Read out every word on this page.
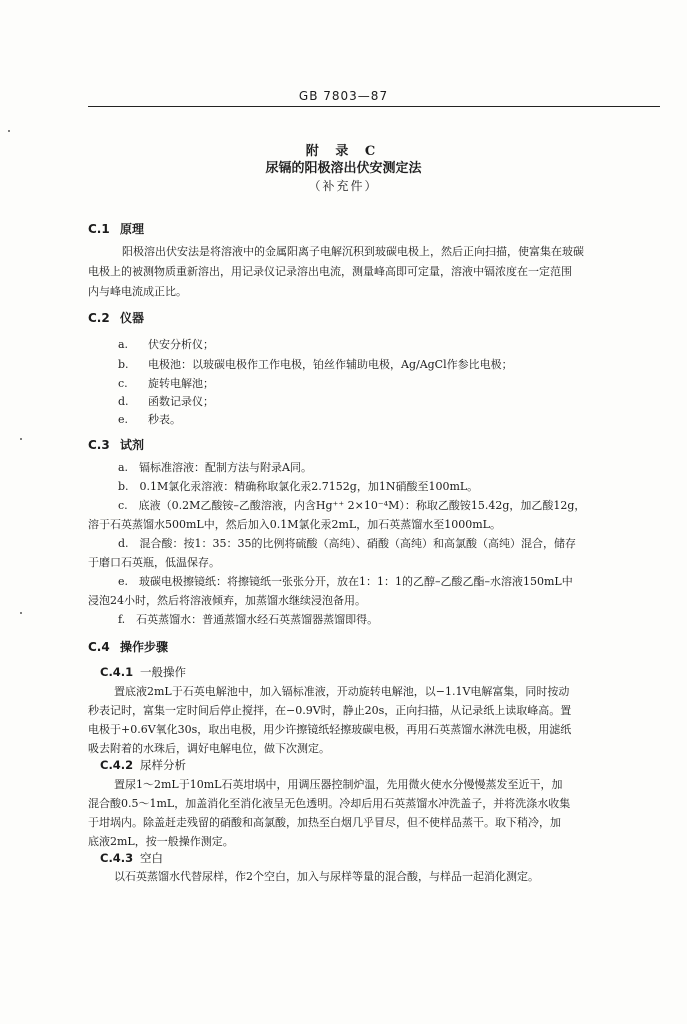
GB 7803—87
附 录 C
尿镉的阳极溶出伏安测定法
（补充件）
C.1 原理
阳极溶出伏安法是将溶液中的金属阳离子电解沉积到玻碳电极上，然后正向扫描，使富集在玻碳
电极上的被测物质重新溶出，用记录仪记录溶出电流，测量峰高即可定量，溶液中镉浓度在一定范围
内与峰电流成正比。
C.2 仪器
a. 伏安分析仪；
b. 电极池：以玻碳电极作工作电极，铂丝作辅助电极，Ag/AgCl作参比电极；
c. 旋转电解池；
d. 函数记录仪；
e. 秒表。
C.3 试剂
a.　镉标准溶液：配制方法与附录A同。
b.　0.1M氯化汞溶液：精确称取氯化汞2.7152g，加1N硝酸至100mL。
c.　底液（0.2M乙酸铵–乙酸溶液，内含Hg⁺⁺ 2×10⁻⁴M）：称取乙酸铵15.42g，加乙酸12g，
溶于石英蒸馏水500mL中，然后加入0.1M氯化汞2mL，加石英蒸馏水至1000mL。
d.　混合酸：按1：35：35的比例将硫酸（高纯）、硝酸（高纯）和高氯酸（高纯）混合，储存
于磨口石英瓶，低温保存。
e.　玻碳电极擦镜纸：将擦镜纸一张张分开，放在1：1：1的乙醇–乙酸乙酯–水溶液150mL中
浸泡24小时，然后将溶液倾弃，加蒸馏水继续浸泡备用。
f.　石英蒸馏水：普通蒸馏水经石英蒸馏器蒸馏即得。
C.4 操作步骤
C.4.1 一般操作
置底液2mL于石英电解池中，加入镉标准液，开动旋转电解池，以−1.1V电解富集，同时按动
秒表记时，富集一定时间后停止搅拌，在−0.9V时，静止20s，正向扫描，从记录纸上读取峰高。置
电极于+0.6V氧化30s，取出电极，用少许擦镜纸轻擦玻碳电极，再用石英蒸馏水淋洗电极，用滤纸
吸去附着的水珠后，调好电解电位，做下次测定。
C.4.2 尿样分析
置尿1～2mL于10mL石英坩埚中，用调压器控制炉温，先用微火使水分慢慢蒸发至近干，加
混合酸0.5～1mL，加盖消化至消化液呈无色透明。冷却后用石英蒸馏水冲洗盖子，并将洗涤水收集
于坩埚内。除盖赶走残留的硝酸和高氯酸，加热至白烟几乎冒尽，但不使样品蒸干。取下稍冷，加
底液2mL，按一般操作测定。
C.4.3 空白
以石英蒸馏水代替尿样，作2个空白，加入与尿样等量的混合酸，与样品一起消化测定。
